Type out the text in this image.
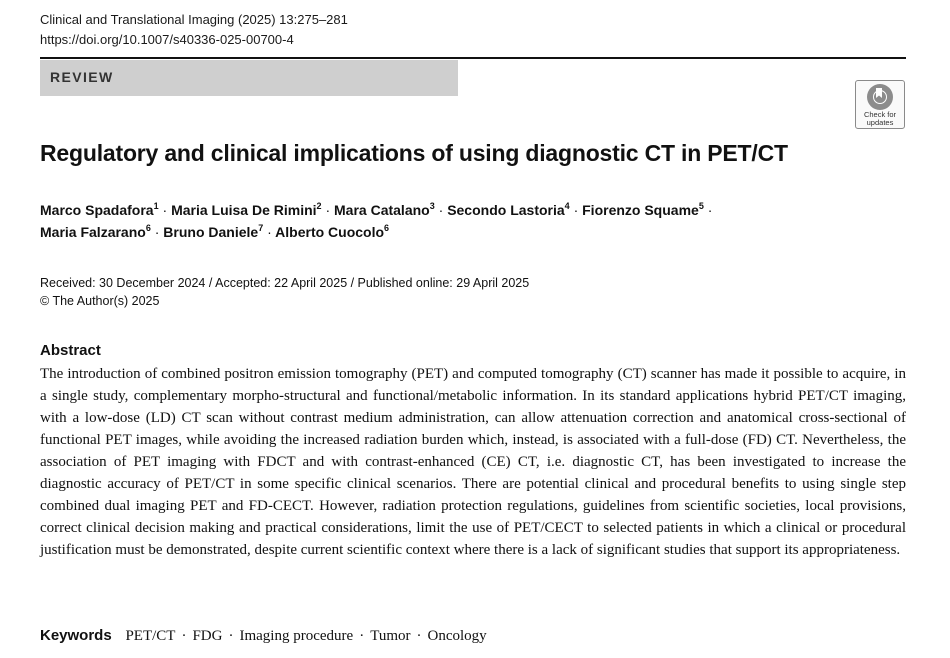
Clinical and Translational Imaging (2025) 13:275–281
https://doi.org/10.1007/s40336-025-00700-4
REVIEW
Check for
updates
Regulatory and clinical implications of using diagnostic CT in PET/CT
Marco Spadafora$^1$ · Maria Luisa De Rimini$^2$ · Mara Catalano$^3$ · Secondo Lastoria$^4$ · Fiorenzo Squame$^5$ ·
Maria Falzarano$^6$ · Bruno Daniele$^7$ · Alberto Cuocolo$^6$
Received: 30 December 2024 / Accepted: 22 April 2025 / Published online: 29 April 2025
© The Author(s) 2025
Abstract
The introduction of combined positron emission tomography (PET) and computed tomography (CT) scanner has made it possible to acquire, in a single study, complementary morpho-structural and functional/metabolic information. In its standard applications hybrid PET/CT imaging, with a low-dose (LD) CT scan without contrast medium administration, can allow attenuation correction and anatomical cross-sectional of functional PET images, while avoiding the increased radiation burden which, instead, is associated with a full-dose (FD) CT. Nevertheless, the association of PET imaging with FDCT and with contrast-enhanced (CE) CT, i.e. diagnostic CT, has been investigated to increase the diagnostic accuracy of PET/CT in some specific clinical scenarios. There are potential clinical and procedural benefits to using single step combined dual imaging PET and FD-CECT. However, radiation protection regulations, guidelines from scientific societies, local provisions, correct clinical decision making and practical considerations, limit the use of PET/CECT to selected patients in which a clinical or procedural justification must be demonstrated, despite current scientific context where there is a lack of significant studies that support its appropriateness.
Keywords PET/CT · FDG · Imaging procedure · Tumor · Oncology
